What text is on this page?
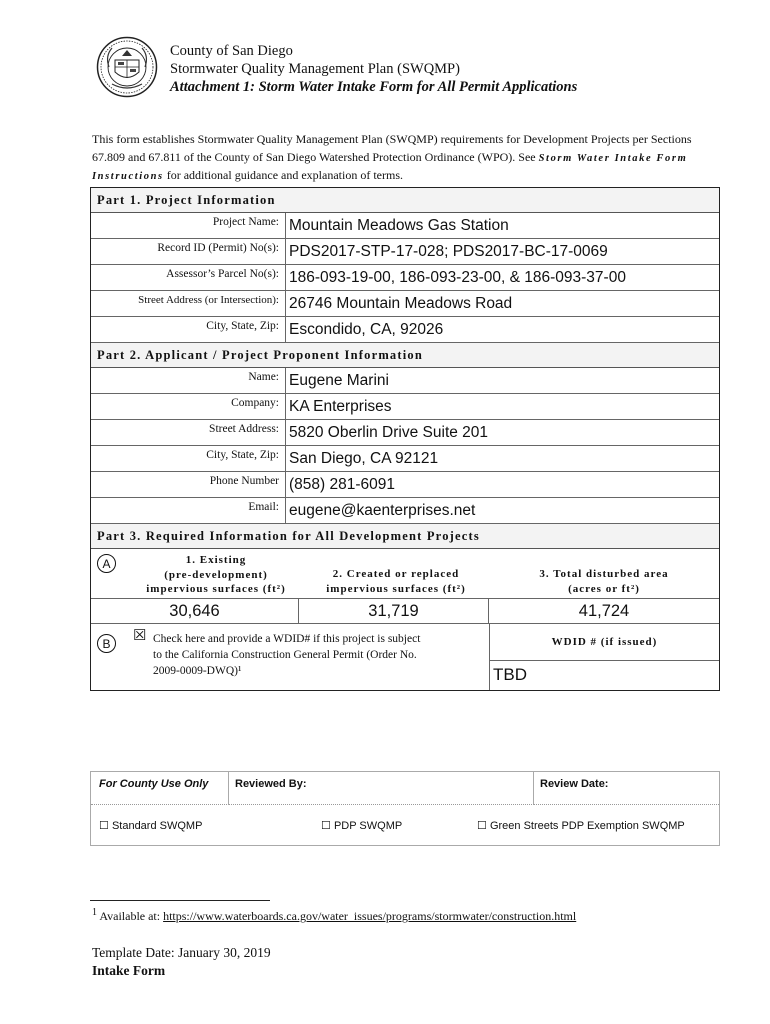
County of San Diego
Stormwater Quality Management Plan (SWQMP)
Attachment 1: Storm Water Intake Form for All Permit Applications
This form establishes Stormwater Quality Management Plan (SWQMP) requirements for Development Projects per Sections 67.809 and 67.811 of the County of San Diego Watershed Protection Ordinance (WPO). See Storm Water Intake Form Instructions for additional guidance and explanation of terms.
Part 1. Project Information
Project Name: Mountain Meadows Gas Station
Record ID (Permit) No(s): PDS2017-STP-17-028; PDS2017-BC-17-0069
Assessor’s Parcel No(s): 186-093-19-00, 186-093-23-00, & 186-093-37-00
Street Address (or Intersection): 26746 Mountain Meadows Road
City, State, Zip: Escondido, CA, 92026
Part 2. Applicant / Project Proponent Information
Name: Eugene Marini
Company: KA Enterprises
Street Address: 5820 Oberlin Drive Suite 201
City, State, Zip: San Diego, CA 92121
Phone Number (858) 281-6091
Email: eugene@kaenterprises.net
Part 3. Required Information for All Development Projects
A	1. Existing
(pre-development)
impervious surfaces (ft²)
2. Created or replaced
impervious surfaces (ft²)
3. Total disturbed area
(acres or ft²)
30,646	31,719	41,724
B	☒ Check here and provide a WDID# if this project is subject
to the California Construction General Permit (Order No.
2009-0009-DWQ)¹
WDID # (if issued)
TBD
For County Use Only	Reviewed By:	Review Date:
☐ Standard SWQMP	☐ PDP SWQMP	☐ Green Streets PDP Exemption SWQMP
$^1$ Available at: https://www.waterboards.ca.gov/water_issues/programs/stormwater/construction.html
Template Date: January 30, 2019
Intake Form
